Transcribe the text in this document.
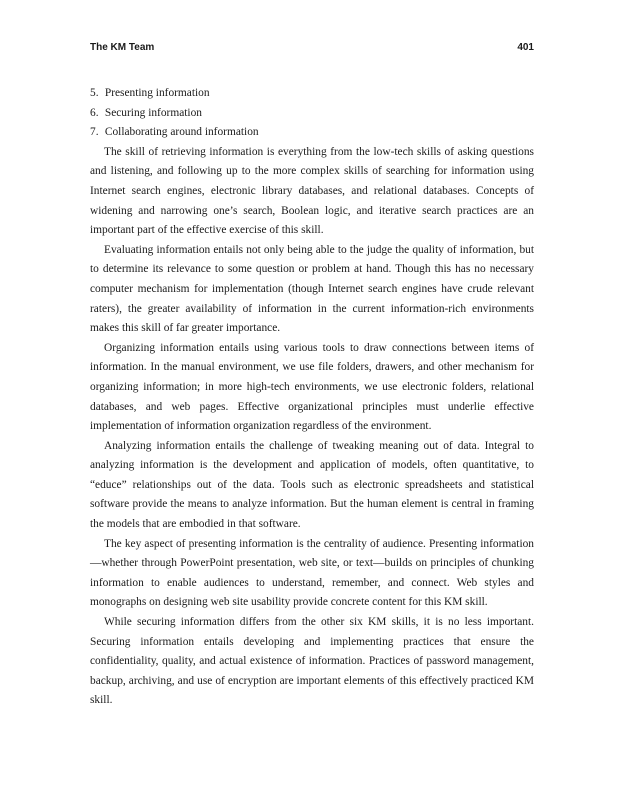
The KM Team	401
5. Presenting information
6. Securing information
7. Collaborating around information

The skill of retrieving information is everything from the low-tech skills of asking questions and listening, and following up to the more complex skills of searching for information using Internet search engines, electronic library databases, and relational databases. Concepts of widening and narrowing one’s search, Boolean logic, and iterative search practices are an important part of the effective exercise of this skill.

Evaluating information entails not only being able to the judge the quality of information, but to determine its relevance to some question or problem at hand. Though this has no necessary computer mechanism for implementation (though Internet search engines have crude relevant raters), the greater availability of information in the current information-rich environments makes this skill of far greater importance.

Organizing information entails using various tools to draw connections between items of information. In the manual environment, we use file folders, drawers, and other mechanism for organizing information; in more high-tech environments, we use electronic folders, relational databases, and web pages. Effective organizational principles must underlie effective implementation of information organization regardless of the environment.

Analyzing information entails the challenge of tweaking meaning out of data. Integral to analyzing information is the development and application of models, often quantitative, to “educe” relationships out of the data. Tools such as electronic spreadsheets and statistical software provide the means to analyze information. But the human element is central in framing the models that are embodied in that software.

The key aspect of presenting information is the centrality of audience. Presenting information—whether through PowerPoint presentation, web site, or text—builds on principles of chunking information to enable audiences to understand, remember, and connect. Web styles and monographs on designing web site usability provide concrete content for this KM skill.

While securing information differs from the other six KM skills, it is no less important. Securing information entails developing and implementing practices that ensure the confidentiality, quality, and actual existence of information. Practices of password management, backup, archiving, and use of encryption are important elements of this effectively practiced KM skill.
